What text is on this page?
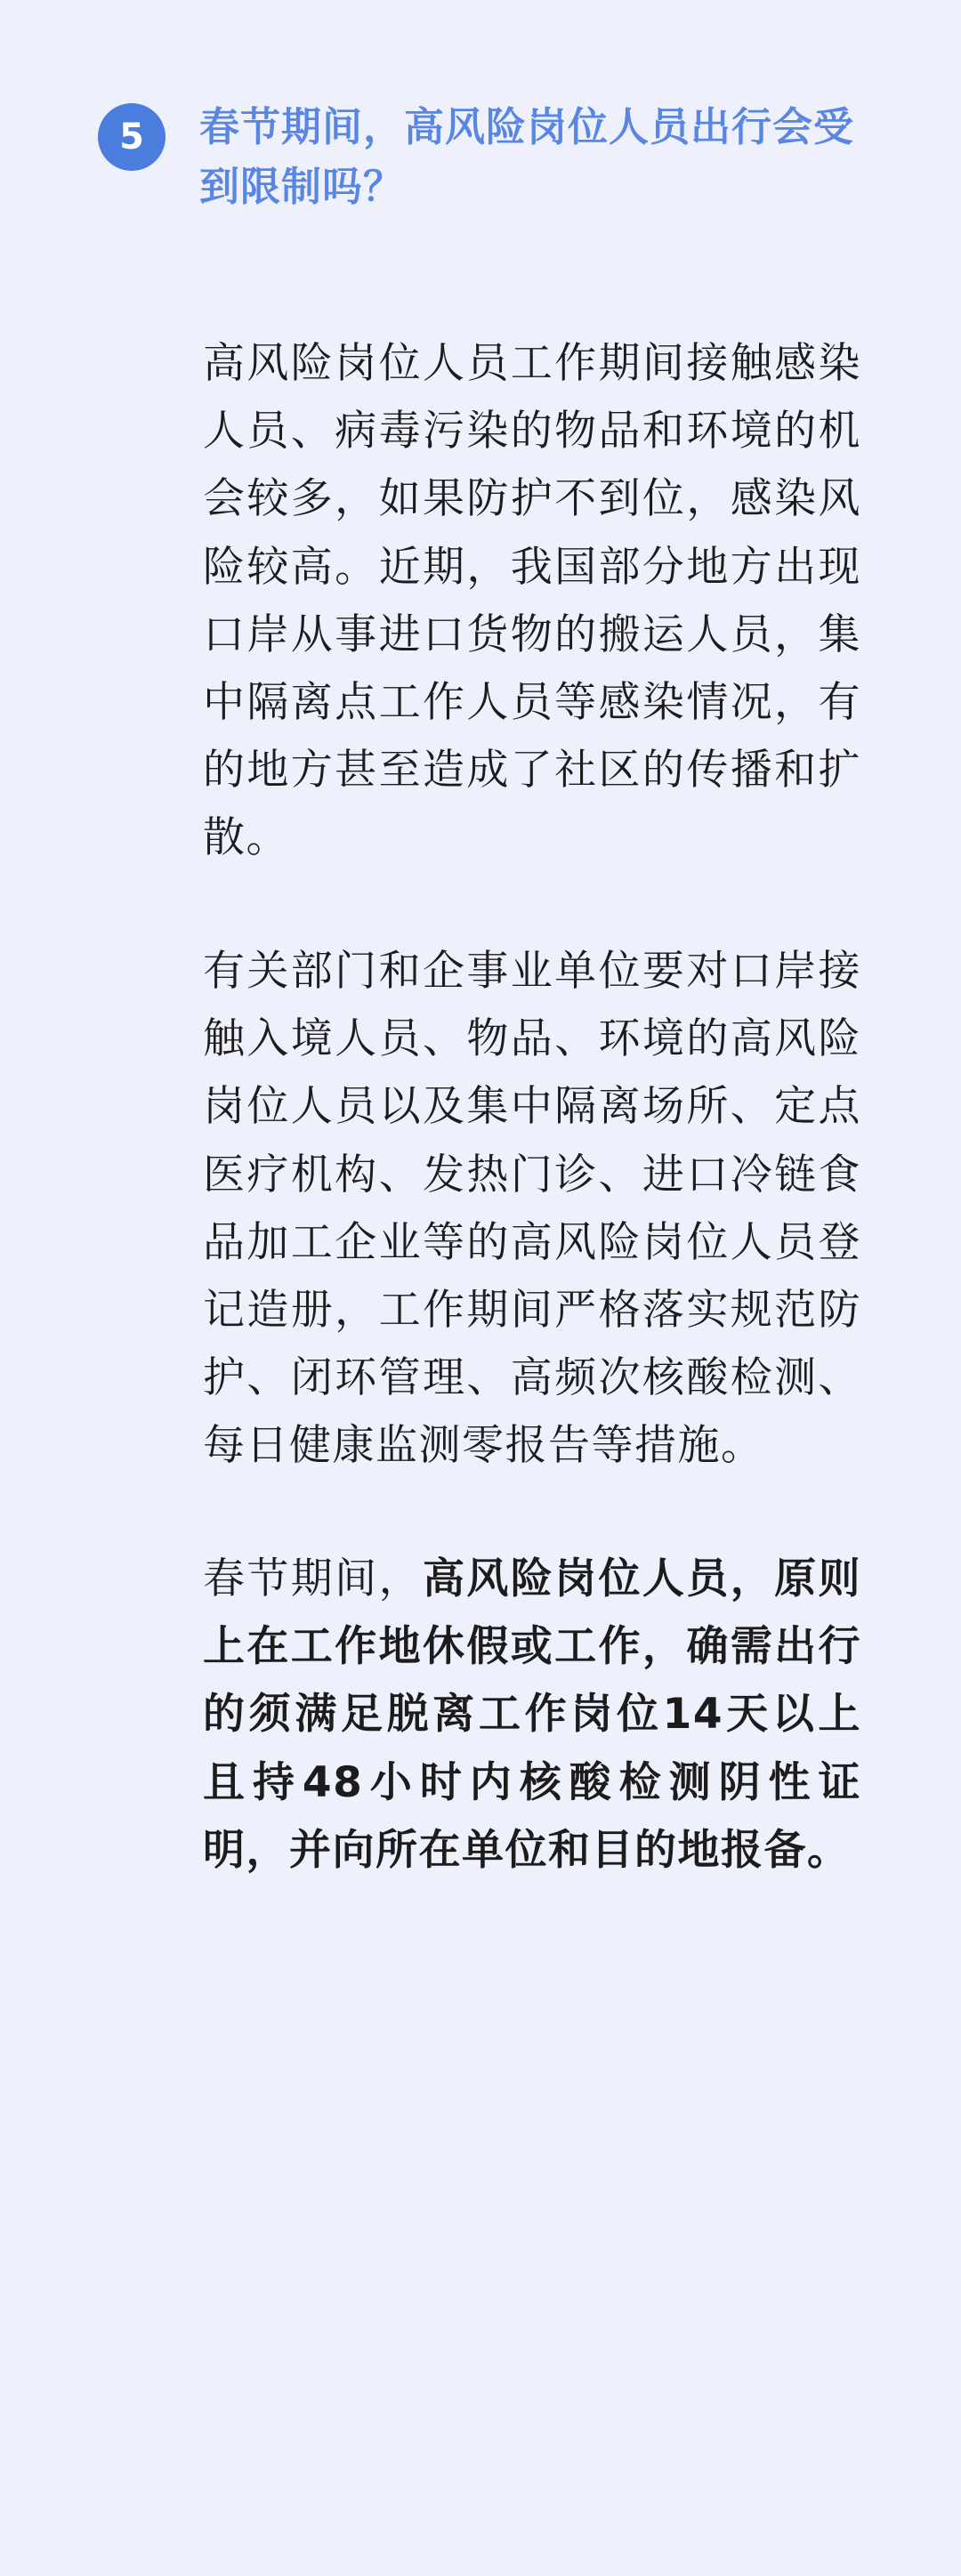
5	春节期间，高风险岗位人员出行会受到限制吗？

高风险岗位人员工作期间接触感染人员、病毒污染的物品和环境的机会较多，如果防护不到位，感染风险较高。近期，我国部分地方出现口岸从事进口货物的搬运人员，集中隔离点工作人员等感染情况，有的地方甚至造成了社区的传播和扩散。

有关部门和企事业单位要对口岸接触入境人员、物品、环境的高风险岗位人员以及集中隔离场所、定点医疗机构、发热门诊、进口冷链食品加工企业等的高风险岗位人员登记造册，工作期间严格落实规范防护、闭环管理、高频次核酸检测、每日健康监测零报告等措施。

春节期间，高风险岗位人员，原则上在工作地休假或工作，确需出行的须满足脱离工作岗位14天以上且持48小时内核酸检测阴性证明，并向所在单位和目的地报备。
